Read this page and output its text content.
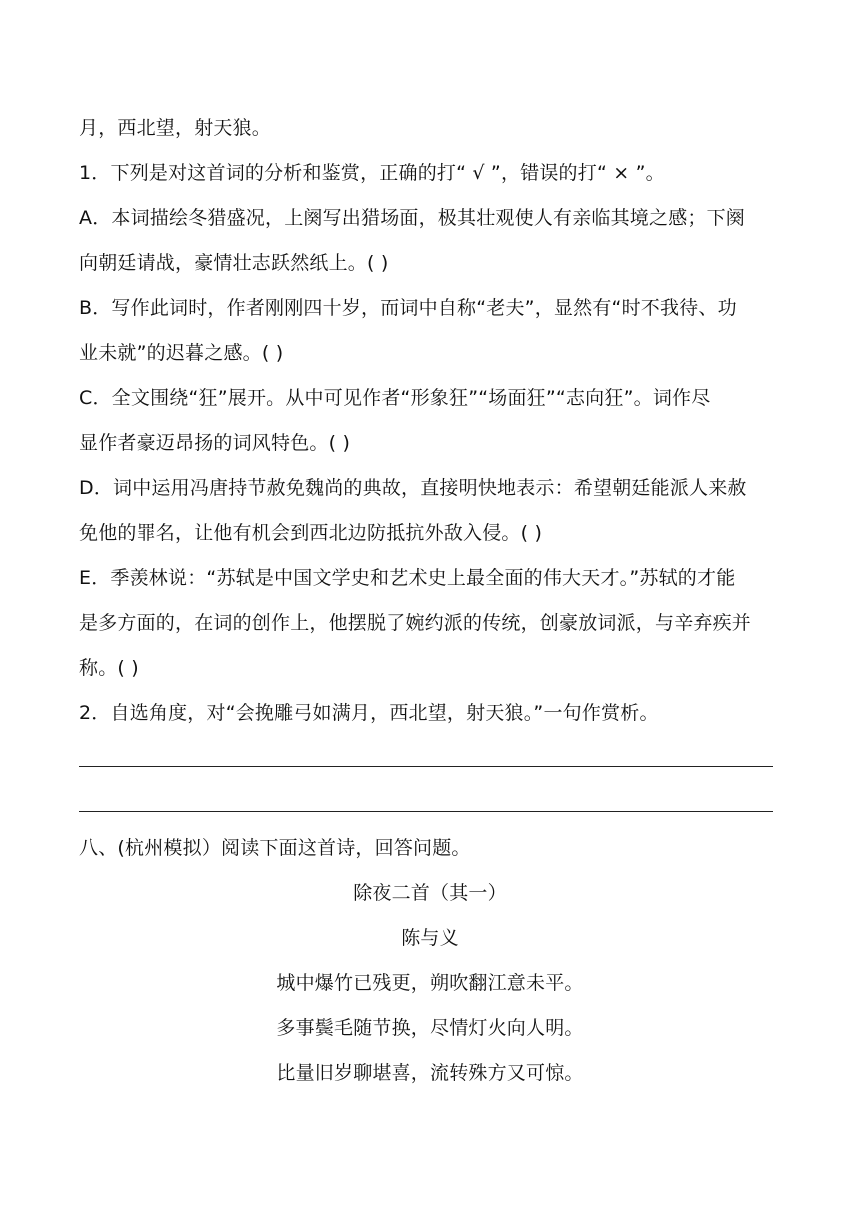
月，西北望，射天狼。
1．下列是对这首词的分析和鉴赏，正确的打“ √ ”，错误的打“ × ”。
A．本词描绘冬猎盛况，上阕写出猎场面，极其壮观使人有亲临其境之感；下阕
向朝廷请战，豪情壮志跃然纸上。( )
B．写作此词时，作者刚刚四十岁，而词中自称“老夫”，显然有“时不我待、功
业未就”的迟暮之感。( )
C．全文围绕“狂”展开。从中可见作者“形象狂”“场面狂”“志向狂”。词作尽
显作者豪迈昂扬的词风特色。( )
D．词中运用冯唐持节赦免魏尚的典故，直接明快地表示：希望朝廷能派人来赦
免他的罪名，让他有机会到西北边防抵抗外敌入侵。( )
E．季羡林说：“苏轼是中国文学史和艺术史上最全面的伟大天才。”苏轼的才能
是多方面的，在词的创作上，他摆脱了婉约派的传统，创豪放词派，与辛弃疾并
称。( )
2．自选角度，对“会挽雕弓如满月，西北望，射天狼。”一句作赏析。
八、(杭州模拟）阅读下面这首诗，回答问题。
除夜二首（其一）
陈与义
城中爆竹已残更，朔吹翻江意未平。
多事鬓毛随节换，尽情灯火向人明。
比量旧岁聊堪喜，流转殊方又可惊。
